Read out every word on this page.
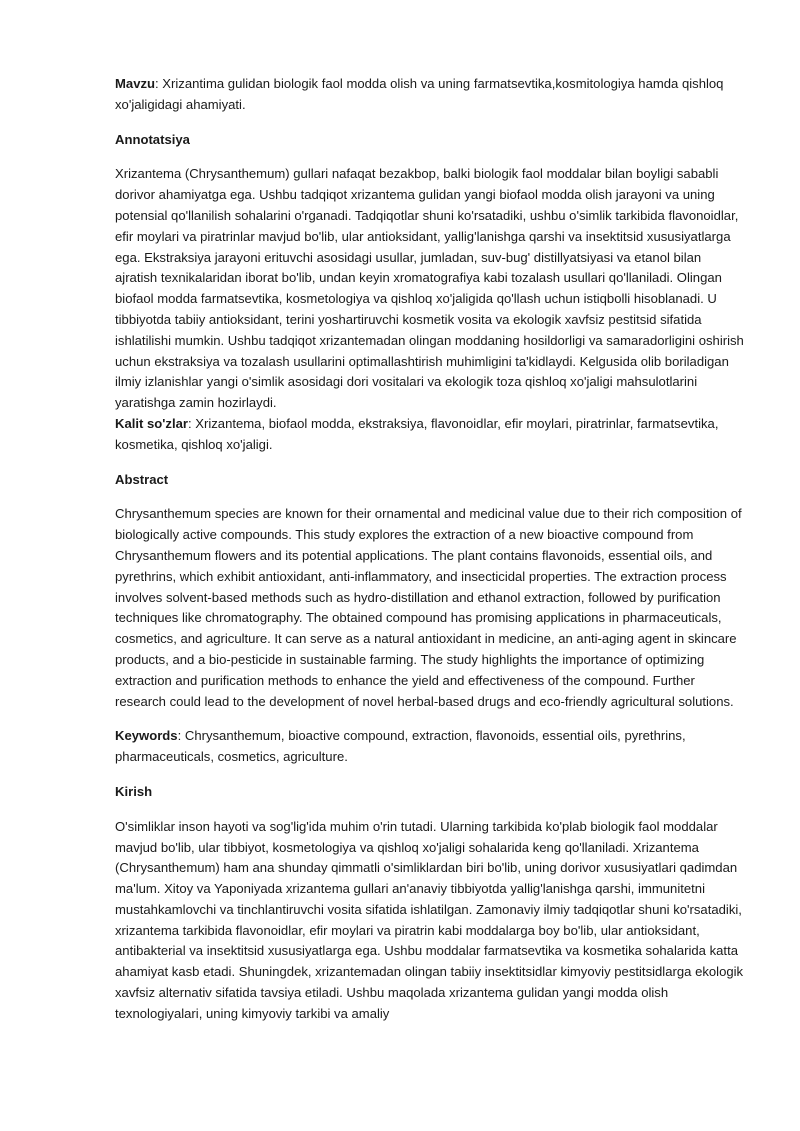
Mavzu: Xrizantima gulidan biologik faol modda olish va uning farmatsevtika,kosmitologiya hamda qishloq xo'jaligidagi ahamiyati.

Annotatsiya

Xrizantema (Chrysanthemum) gullari nafaqat bezakbop, balki biologik faol moddalar bilan boyligi sababli dorivor ahamiyatga ega. Ushbu tadqiqot xrizantema gulidan yangi biofaol modda olish jarayoni va uning potensial qo'llanilish sohalarini o'rganadi. Tadqiqotlar shuni ko'rsatadiki, ushbu o'simlik tarkibida flavonoidlar, efir moylari va piratrinlar mavjud bo'lib, ular antioksidant, yallig'lanishga qarshi va insektitsid xususiyatlarga ega. Ekstraksiya jarayoni erituvchi asosidagi usullar, jumladan, suv-bug' distillyatsiyasi va etanol bilan ajratish texnikalaridan iborat bo'lib, undan keyin xromatografiya kabi tozalash usullari qo'llaniladi. Olingan biofaol modda farmatsevtika, kosmetologiya va qishloq xo'jaligida qo'llash uchun istiqbolli hisoblanadi. U tibbiyotda tabiiy antioksidant, terini yoshartiruvchi kosmetik vosita va ekologik xavfsiz pestitsid sifatida ishlatilishi mumkin. Ushbu tadqiqot xrizantemadan olingan moddaning hosildorligi va samaradorligini oshirish uchun ekstraksiya va tozalash usullarini optimallashtirish muhimligini ta'kidlaydi. Kelgusida olib boriladigan ilmiy izlanishlar yangi o'simlik asosidagi dori vositalari va ekologik toza qishloq xo'jaligi mahsulotlarini yaratishga zamin hozirlaydi.

Kalit so'zlar: Xrizantema, biofaol modda, ekstraksiya, flavonoidlar, efir moylari, piratrinlar, farmatsevtika, kosmetika, qishloq xo'jaligi.

Abstract

Chrysanthemum species are known for their ornamental and medicinal value due to their rich composition of biologically active compounds. This study explores the extraction of a new bioactive compound from Chrysanthemum flowers and its potential applications. The plant contains flavonoids, essential oils, and pyrethrins, which exhibit antioxidant, anti-inflammatory, and insecticidal properties. The extraction process involves solvent-based methods such as hydro-distillation and ethanol extraction, followed by purification techniques like chromatography. The obtained compound has promising applications in pharmaceuticals, cosmetics, and agriculture. It can serve as a natural antioxidant in medicine, an anti-aging agent in skincare products, and a bio-pesticide in sustainable farming. The study highlights the importance of optimizing extraction and purification methods to enhance the yield and effectiveness of the compound. Further research could lead to the development of novel herbal-based drugs and eco-friendly agricultural solutions.

Keywords: Chrysanthemum, bioactive compound, extraction, flavonoids, essential oils, pyrethrins, pharmaceuticals, cosmetics, agriculture.

Kirish

O'simliklar inson hayoti va sog'lig'ida muhim o'rin tutadi. Ularning tarkibida ko'plab biologik faol moddalar mavjud bo'lib, ular tibbiyot, kosmetologiya va qishloq xo'jaligi sohalarida keng qo'llaniladi. Xrizantema (Chrysanthemum) ham ana shunday qimmatli o'simliklardan biri bo'lib, uning dorivor xususiyatlari qadimdan ma'lum. Xitoy va Yaponiyada xrizantema gullari an'anaviy tibbiyotda yallig'lanishga qarshi, immunitetni mustahkamlovchi va tinchlantiruvchi vosita sifatida ishlatilgan. Zamonaviy ilmiy tadqiqotlar shuni ko'rsatadiki, xrizantema tarkibida flavonoidlar, efir moylari va piratrin kabi moddalarga boy bo'lib, ular antioksidant, antibakterial va insektitsid xususiyatlarga ega. Ushbu moddalar farmatsevtika va kosmetika sohalarida katta ahamiyat kasb etadi. Shuningdek, xrizantemadan olingan tabiiy insektitsidlar kimyoviy pestitsidlarga ekologik xavfsiz alternativ sifatida tavsiya etiladi. Ushbu maqolada xrizantema gulidan yangi modda olish texnologiyalari, uning kimyoviy tarkibi va amaliy
